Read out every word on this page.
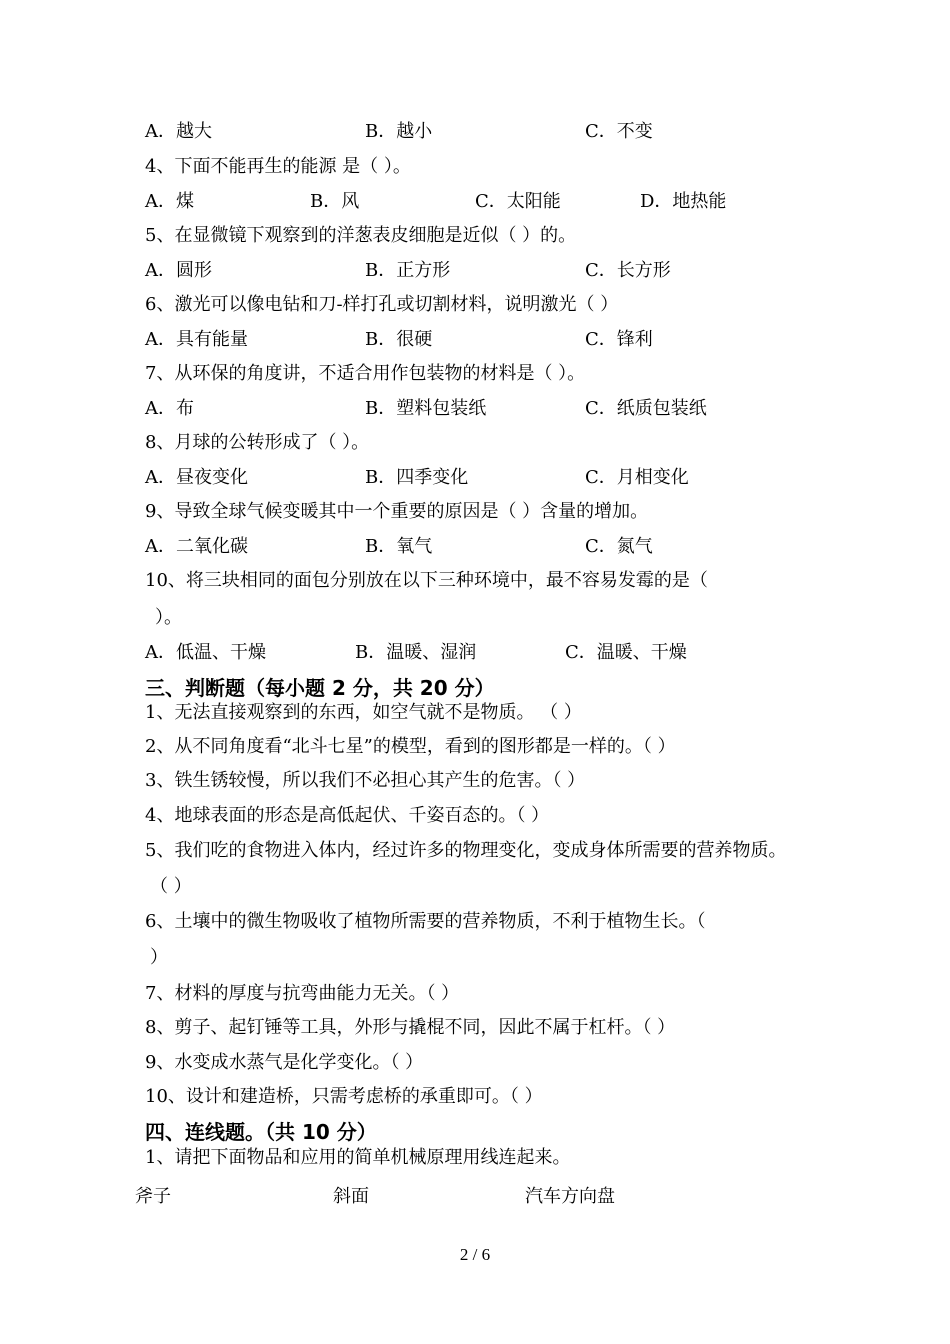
A．越大	B．越小	C．不变
4、下面不能再生的能源 是（ ）。
A．煤	B．风	C．太阳能	D．地热能
5、在显微镜下观察到的洋葱表皮细胞是近似（ ）的。
A．圆形	B．正方形	C．长方形
6、激光可以像电钻和刀-样打孔或切割材料，说明激光（ ）
A．具有能量	B．很硬	C．锋利
7、从环保的角度讲，不适合用作包装物的材料是（ ）。
A．布	B．塑料包装纸	C．纸质包装纸
8、月球的公转形成了（ ）。
A．昼夜变化	B．四季变化	C．月相变化
9、导致全球气候变暖其中一个重要的原因是（ ）含量的增加。
A．二氧化碳	B．氧气	C．氮气
10、将三块相同的面包分别放在以下三种环境中，最不容易发霉的是（
）。
A．低温、干燥	B．温暖、湿润	C．温暖、干燥
三、判断题（每小题 2 分，共 20 分）
1、无法直接观察到的东西，如空气就不是物质。 （ ）
2、从不同角度看“北斗七星”的模型，看到的图形都是一样的。（ ）
3、铁生锈较慢，所以我们不必担心其产生的危害。（ ）
4、地球表面的形态是高低起伏、千姿百态的。（ ）
5、我们吃的食物进入体内，经过许多的物理变化，变成身体所需要的营养物质。
（ ）
6、土壤中的微生物吸收了植物所需要的营养物质，不利于植物生长。（
）
7、材料的厚度与抗弯曲能力无关。（ ）
8、剪子、起钉锤等工具，外形与撬棍不同，因此不属于杠杆。（ ）
9、水变成水蒸气是化学变化。（ ）
10、设计和建造桥，只需考虑桥的承重即可。（ ）
四、连线题。（共 10 分）
1、请把下面物品和应用的简单机械原理用线连起来。
斧子	斜面	汽车方向盘
2 / 6
